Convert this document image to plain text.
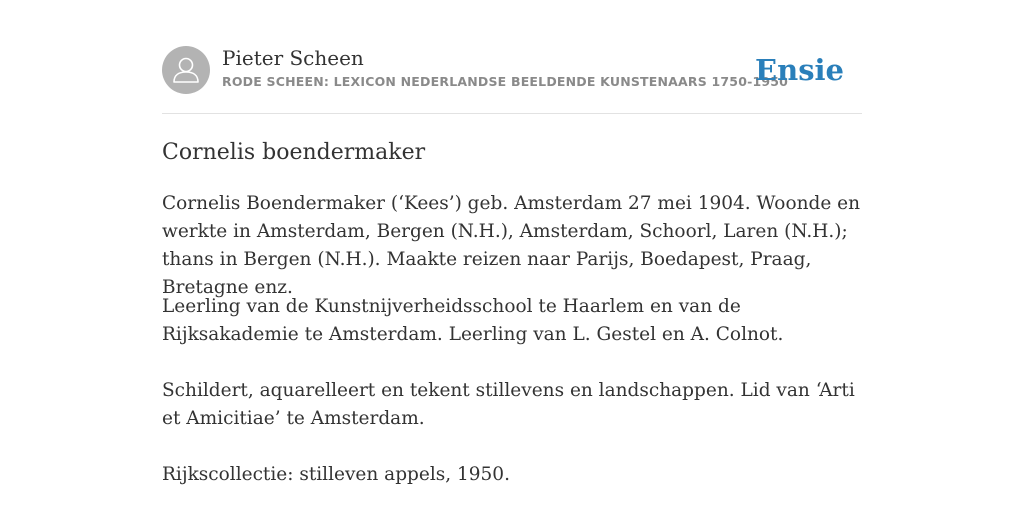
Pieter Scheen
RODE SCHEEN: LEXICON NEDERLANDSE BEELDENDE KUNSTENAARS 1750-1950
Ensie
Cornelis boendermaker

Cornelis Boendermaker (‘Kees’) geb. Amsterdam 27 mei 1904. Woonde en werkte in Amsterdam, Bergen (N.H.), Amsterdam, Schoorl, Laren (N.H.); thans in Bergen (N.H.). Maakte reizen naar Parijs, Boedapest, Praag, Bretagne enz.

Leerling van de Kunstnijverheidsschool te Haarlem en van de Rijksakademie te Amsterdam. Leerling van L. Gestel en A. Colnot.

Schildert, aquarelleert en tekent stillevens en landschappen. Lid van ‘Arti et Amicitiae’ te Amsterdam.

Rijkscollectie: stilleven appels, 1950.
